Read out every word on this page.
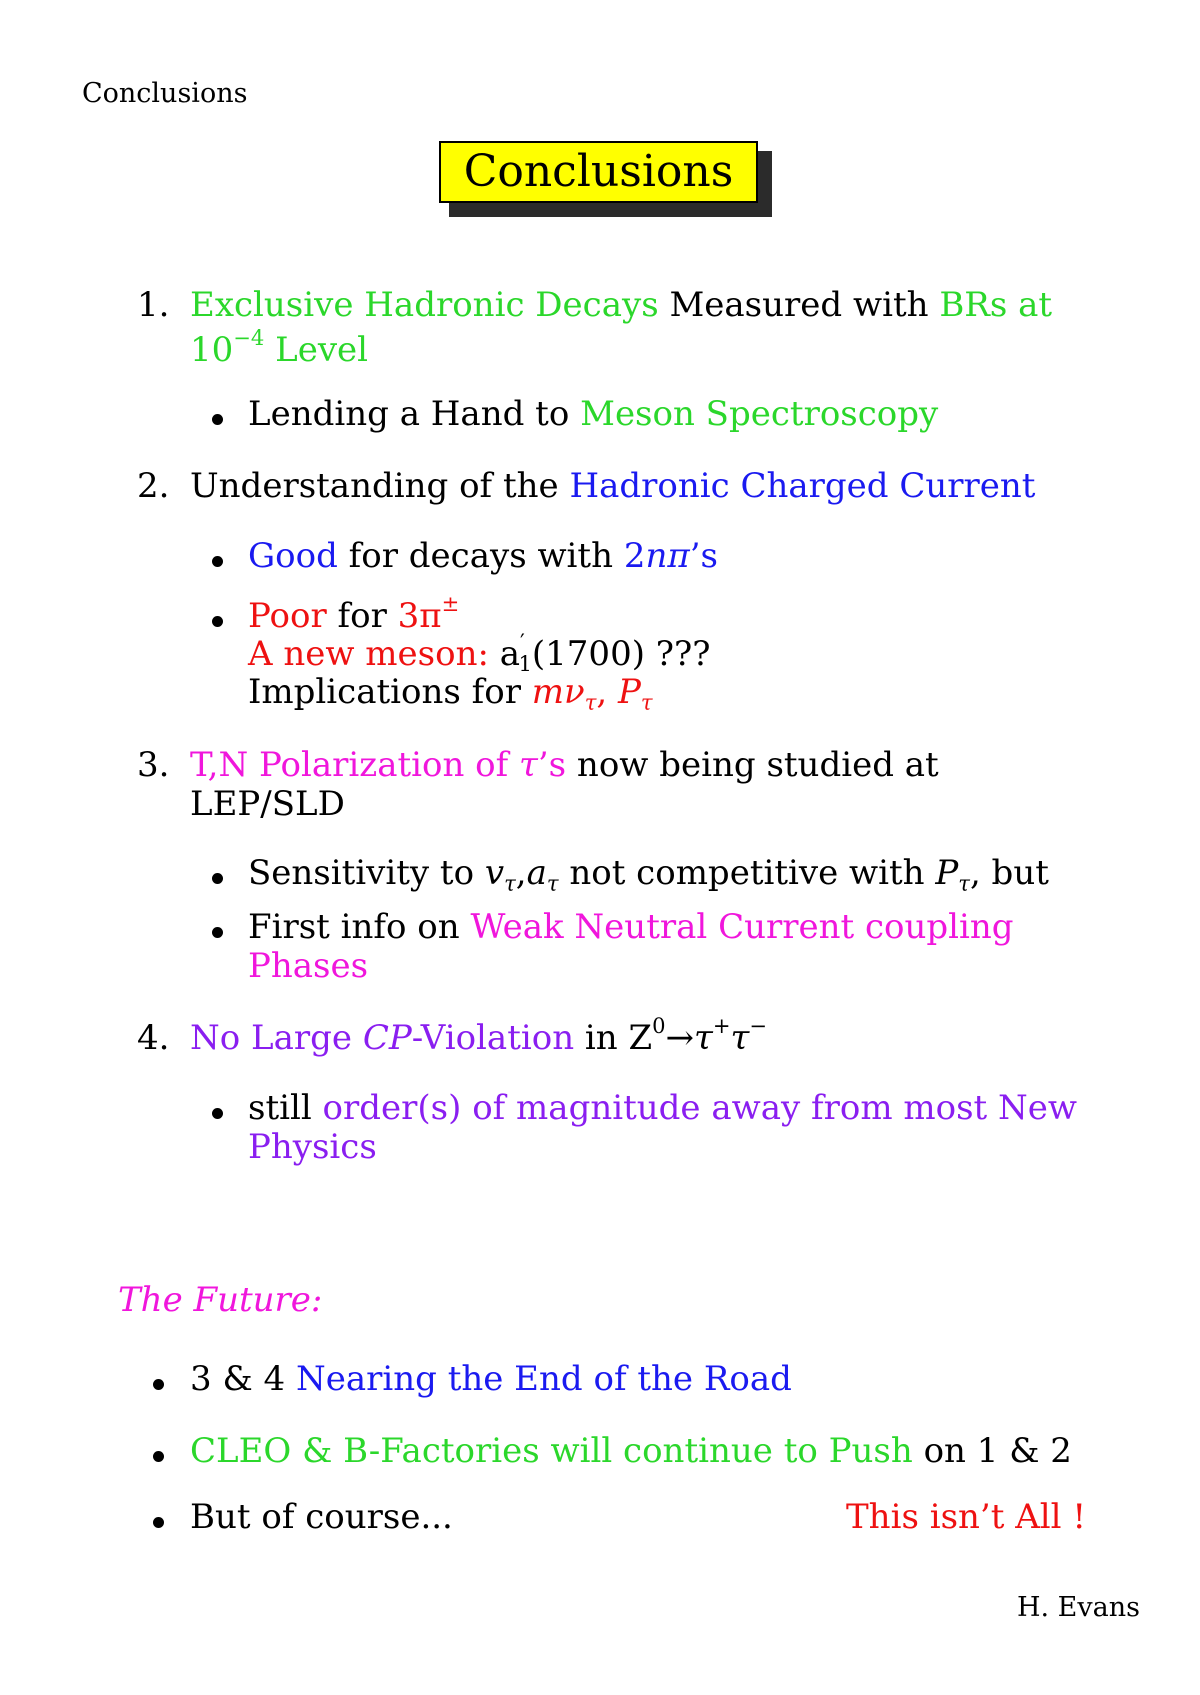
Conclusions
Conclusions
1. Exclusive Hadronic Decays Measured with BRs at
$10^{-4}$ Level
Lending a Hand to Meson Spectroscopy
2. Understanding of the Hadronic Charged Current
Good for decays with 2nπ’s
Poor for 3π±
A new meson: $a'_1(1700)$ ???
Implications for $m\nu_\tau$, $P_\tau$
3. T,N Polarization of τ’s now being studied at
LEP/SLD
Sensitivity to $v_\tau,a_\tau$ not competitive with $P_\tau$, but
First info on Weak Neutral Current coupling
Phases
4. No Large CP-Violation in $Z^0\to\tau^+\tau^-$
still order(s) of magnitude away from most New
Physics
The Future:
3 & 4 Nearing the End of the Road
CLEO & B-Factories will continue to Push on 1 & 2
But of course...	This isn’t All !
H. Evans
